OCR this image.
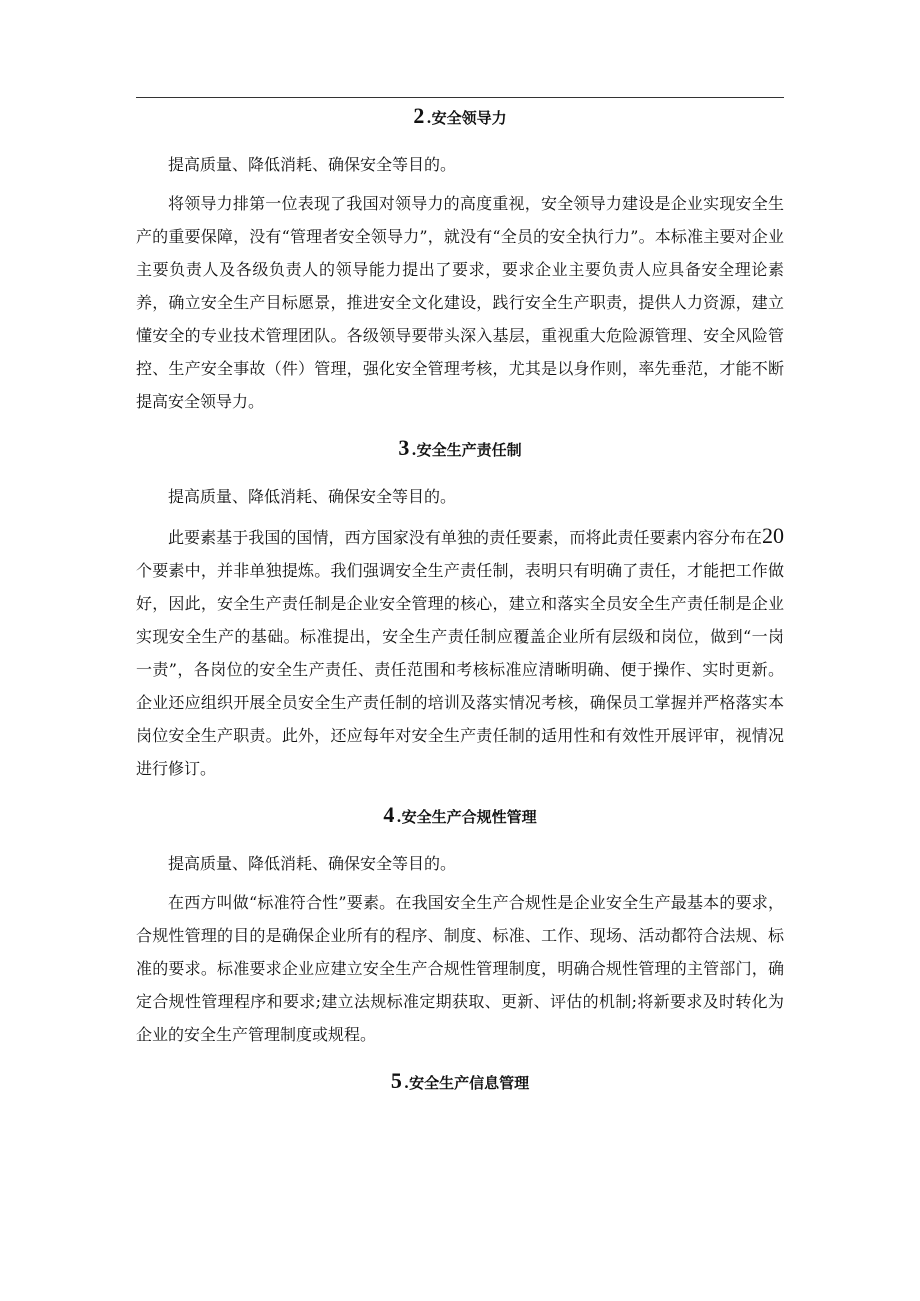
2 .安全领导力

提高质量、降低消耗、确保安全等目的。

将领导力排第一位表现了我国对领导力的高度重视，安全领导力建设是企业实现安全生产的重要保障，没有“管理者安全领导力”，就没有“全员的安全执行力”。本标准主要对企业主要负责人及各级负责人的领导能力提出了要求，要求企业主要负责人应具备安全理论素养，确立安全生产目标愿景，推进安全文化建设，践行安全生产职责，提供人力资源，建立懂安全的专业技术管理团队。各级领导要带头深入基层，重视重大危险源管理、安全风险管控、生产安全事故（件）管理，强化安全管理考核，尤其是以身作则，率先垂范，才能不断提高安全领导力。

3 .安全生产责任制

提高质量、降低消耗、确保安全等目的。

此要素基于我国的国情，西方国家没有单独的责任要素，而将此责任要素内容分布在20个要素中，并非单独提炼。我们强调安全生产责任制，表明只有明确了责任，才能把工作做好，因此，安全生产责任制是企业安全管理的核心，建立和落实全员安全生产责任制是企业实现安全生产的基础。标准提出，安全生产责任制应覆盖企业所有层级和岗位，做到“一岗一责”，各岗位的安全生产责任、责任范围和考核标准应清晰明确、便于操作、实时更新。企业还应组织开展全员安全生产责任制的培训及落实情况考核，确保员工掌握并严格落实本岗位安全生产职责。此外，还应每年对安全生产责任制的适用性和有效性开展评审，视情况进行修订。

4 .安全生产合规性管理

提高质量、降低消耗、确保安全等目的。

在西方叫做“标准符合性”要素。在我国安全生产合规性是企业安全生产最基本的要求，合规性管理的目的是确保企业所有的程序、制度、标准、工作、现场、活动都符合法规、标准的要求。标准要求企业应建立安全生产合规性管理制度，明确合规性管理的主管部门，确定合规性管理程序和要求;建立法规标准定期获取、更新、评估的机制;将新要求及时转化为企业的安全生产管理制度或规程。

5 .安全生产信息管理
